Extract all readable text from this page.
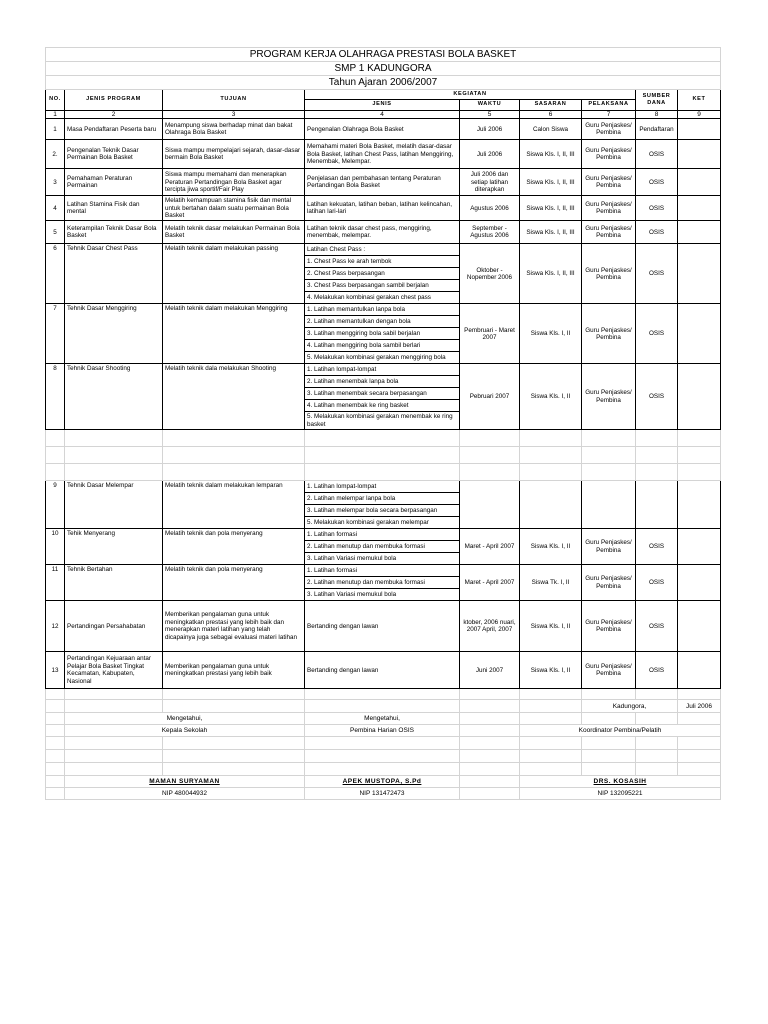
PROGRAM KERJA OLAHRAGA PRESTASI BOLA BASKET								
SMP 1 KADUNGORA								
Tahun Ajaran 2006/2007								
NO.	JENIS PROGRAM	TUJUAN	KEGIATAN				SUMBER DANA	KET
			JENIS	WAKTU	SASARAN	PELAKSANA		
1	2	3	4	5	6	7	8	9
1	Masa Pendaftaran Peserta baru	Menampung siswa berhadap minat dan bakat Olahraga Bola Basket	Pengenalan Olahraga Bola Basket	Juli 2006	Calon Siswa	Guru Penjaskes/ Pembina	Pendaftaran	
2.	Pengenalan Teknik Dasar Permainan Bola Basket	Siswa mampu mempelajari sejarah, dasar-dasar bermain Bola Basket	Memahami materi Bola Basket, melatih dasar-dasar Bola Basket, latihan Chest Pass, latihan Menggiring, Menembak, Melempar.	Juli 2006	Siswa Kls. I, II, III	Guru Penjaskes/ Pembina	OSIS	
3	Pemahaman Peraturan Permainan	Siswa mampu memahami dan menerapkan Peraturan Pertandingan Bola Basket agar tercipta jiwa sportif/Fair Play	Penjelasan dan pembahasan tentang Peraturan Pertandingan Bola Basket	Juli 2006 dan setiap latihan diterapkan	Siswa Kls. I, II, III	Guru Penjaskes/ Pembina	OSIS	
4	Latihan Stamina Fisik dan mental	Melatih kemampuan stamina fisik dan mental untuk bertahan dalam suatu permainan Bola Basket	Latihan kekuatan, latihan beban, latihan kelincahan, latihan lari-lari	Agustus 2006	Siswa Kls. I, II, III	Guru Penjaskes/ Pembina	OSIS	
5	Keterampilan Teknik Dasar Bola Basket	Melatih teknik dasar melakukan Permainan Bola Basket	Latihan teknik dasar chest pass, menggiring, menembak, melempar.	September - Agustus 2006	Siswa Kls. I, II, III	Guru Penjaskes/ Pembina	OSIS	
6	Tehnik Dasar Chest Pass	Melatih teknik dalam melakukan passing	Latihan Chest Pass :	Oktober - Nopember 2006	Siswa Kls. I, II, III	Guru Penjaskes/ Pembina	OSIS	
			1. Chest Pass ke arah tembok					
			2. Chest Pass berpasangan					
			3. Chest Pass berpasangan sambil berjalan					
			4. Melakukan kombinasi gerakan chest pass					
7	Tehnik Dasar Menggiring	Melatih teknik dalam melakukan Menggiring	1. Latihan memantulkan lanpa bola	Pembruari - Maret 2007	Siswa Kls. I, II	Guru Penjaskes/ Pembina	OSIS	
			2. Latihan memantulkan dengan bola					
			3. Latihan menggiring bola sabil berjalan					
			4. Latihan menggiring bola sambil berlari					
			5. Melakukan kombinasi gerakan menggiring bola					
8	Tehnik Dasar Shooting	Melatih teknik dala melakukan Shooting	1. Latihan lompat-lompat	Pebruari 2007	Siswa Kls. I, II	Guru Penjaskes/ Pembina	OSIS	
			2. Latihan menembak lanpa bola					
			3. Latihan menembak secara berpasangan					
			4. Latihan menembak ke ring basket					
			5. Melakukan kombinasi gerakan menembak ke ring basket					

9	Tehnik Dasar Melempar	Melatih teknik dalam melakukan lemparan	1. Latihan lompat-lompat					
			2. Latihan melempar lanpa bola					
			3. Latihan melempar bola secara berpasangan					
			5. Melakukan kombinasi gerakan melempar					
10	Tehik Menyerang	Melatih teknik dan pola menyerang	1. Latihan formasi	Maret - April 2007	Siswa Kls. I, II	Guru Penjaskes/ Pembina	OSIS	
			2. Latihan menutup dan membuka formasi					
			3. Latihan Variasi memukul bola					
11	Tehnik Bertahan	Melatih teknik dan pola menyerang	1. Latihan formasi	Maret - April 2007	Siswa Tk. I, II	Guru Penjaskes/ Pembina	OSIS	
			2. Latihan menutup dan membuka formasi					
			3. Latihan Variasi memukul bola					
12	Pertandingan Persahabatan	Memberikan pengalaman guna untuk meningkatkan prestasi yang lebih baik dan menerapkan materi latihan yang telah dicapainya juga sebagai evaluasi materi latihan	Bertanding dengan lawan	ktober, 2006 nuari, 2007 April, 2007	Siswa Kls. I, II	Guru Penjaskes/ Pembina	OSIS	
13	Pertandingan Kejuaraan antar Pelajar Bola Basket Tingkat Kecamatan, Kabupaten, Nasional	Memberikan pengalaman guna untuk meningkatkan prestasi yang lebih baik	Bertanding dengan lawan	Juni 2007	Siswa Kls. I, II	Guru Penjaskes/ Pembina	OSIS	

						Kadungora,		Juli 2006
	Mengetahui,		Mengetahui,					
	Kepala Sekolah		Pembina Harian OSIS		Koordinator Pembina/Pelatih			

	MAMAN SURYAMAN		APEK MUSTOPA, S.Pd		DRS. KOSASIH			
	NIP 480044932		NIP 131472473		NIP 132095221			
